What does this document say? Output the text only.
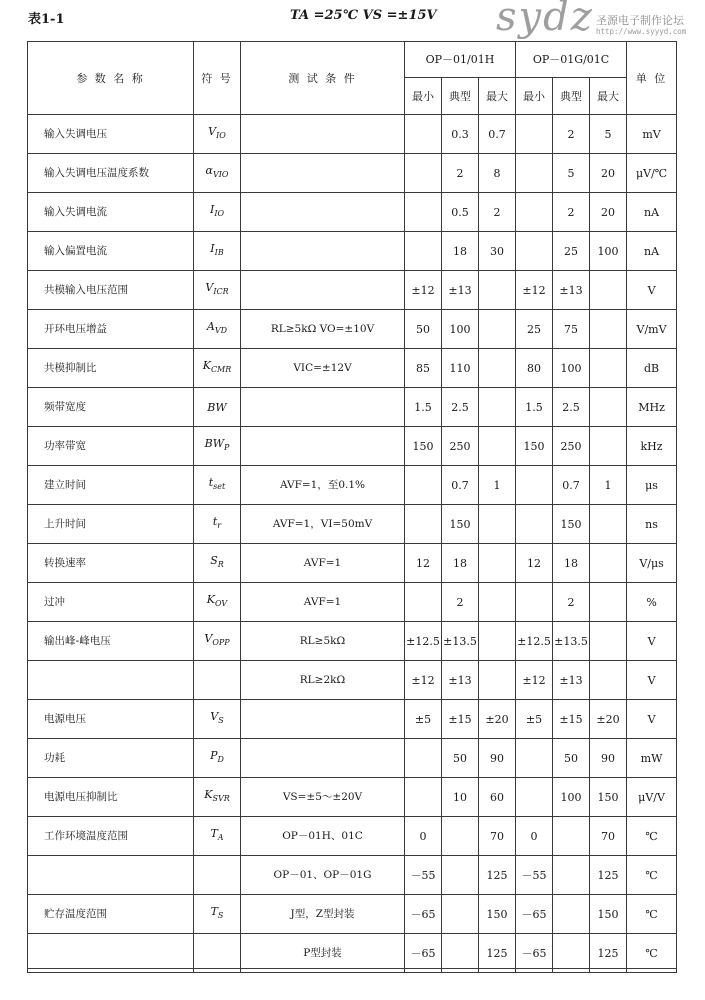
表1-1	TA =25℃ VS =±15V sydz 圣源电子制作论坛
http://www.syyyd.com
参 数 名 称	符 号	测 试 条 件	OP－01/01H			OP－01G/01C			单 位
			最小	典型	最大	最小	典型	最大	
输入失调电压	$V_{IO}$			0.3	0.7		2	5	mV
输入失调电压温度系数	$\alpha_{VIO}$			2	8		5	20	μV/℃
输入失调电流	$I_{IO}$			0.5	2		2	20	nA
输入偏置电流	$I_{IB}$			18	30		25	100	nA
共模输入电压范围	$V_{ICR}$		±12	±13		±12	±13		V
开环电压增益	$A_{VD}$	RL≥5kΩ VO=±10V	50	100		25	75		V/mV
共模抑制比	$K_{CMR}$	VIC=±12V	85	110		80	100		dB
频带宽度	BW		1.5	2.5		1.5	2.5		MHz
功率带宽	$BW_P$		150	250		150	250		kHz
建立时间	$t_{set}$	AVF=1，至0.1%		0.7	1		0.7	1	μs
上升时间	$t_r$	AVF=1，VI=50mV		150			150		ns
转换速率	$S_R$	AVF=1	12	18		12	18		V/μs
过冲	$K_{OV}$	AVF=1		2			2		%
输出峰-峰电压	$V_{OPP}$	RL≥5kΩ	±12.5	±13.5		±12.5	±13.5		V
		RL≥2kΩ	±12	±13		±12	±13		V
电源电压	$V_S$		±5	±15	±20	±5	±15	±20	V
功耗	$P_D$			50	90		50	90	mW
电源电压抑制比	$K_{SVR}$	VS=±5～±20V		10	60		100	150	μV/V
工作环境温度范围	$T_A$	OP－01H、01C	0		70	0		70	℃
		OP－01、OP－01G	－55		125	－55		125	℃
贮存温度范围	$T_S$	J型，Z型封装	－65		150	－65		150	℃
		P型封装	－65		125	－65		125	℃
